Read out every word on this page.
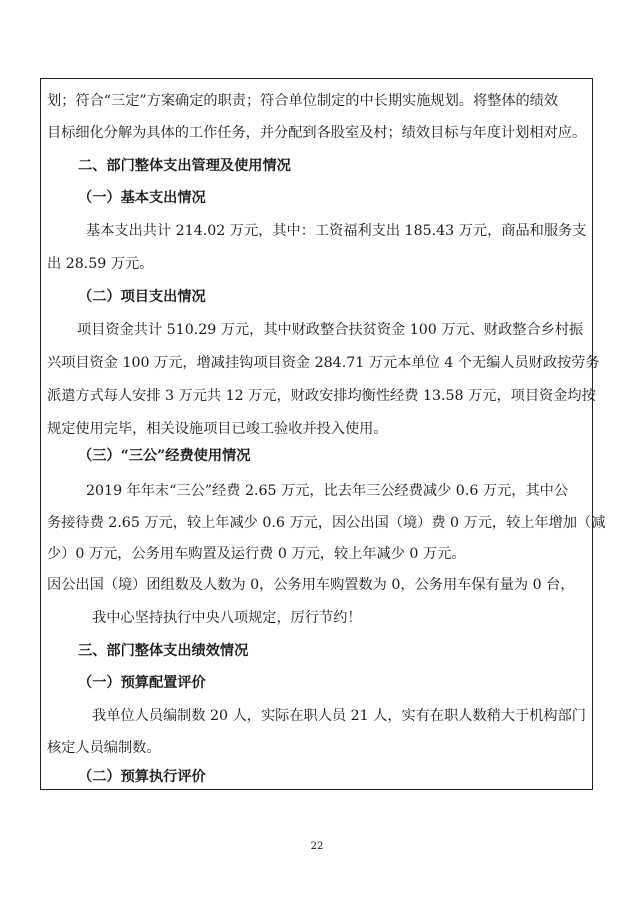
划；符合“三定”方案确定的职责；符合单位制定的中长期实施规划。将整体的绩效
目标细化分解为具体的工作任务，并分配到各股室及村；绩效目标与年度计划相对应。
二、部门整体支出管理及使用情况
（一）基本支出情况
基本支出共计 214.02 万元，其中：工资福利支出 185.43 万元，商品和服务支
出 28.59 万元。
（二）项目支出情况
项目资金共计 510.29 万元，其中财政整合扶贫资金 100 万元、财政整合乡村振
兴项目资金 100 万元，增减挂钩项目资金 284.71 万元本单位 4 个无编人员财政按劳务
派遣方式每人安排 3 万元共 12 万元，财政安排均衡性经费 13.58 万元，项目资金均按
规定使用完毕，相关设施项目已竣工验收并投入使用。
（三）“三公”经费使用情况
2019 年年末“三公”经费 2.65 万元，比去年三公经费减少 0.6 万元，其中公
务接待费 2.65 万元，较上年减少 0.6 万元，因公出国（境）费 0 万元，较上年增加（减
少）0 万元，公务用车购置及运行费 0 万元，较上年减少 0 万元。
因公出国（境）团组数及人数为 0，公务用车购置数为 0，公务用车保有量为 0 台，
我中心坚持执行中央八项规定，厉行节约！
三、部门整体支出绩效情况
（一）预算配置评价
我单位人员编制数 20 人，实际在职人员 21 人，实有在职人数稍大于机构部门
核定人员编制数。
（二）预算执行评价
22
